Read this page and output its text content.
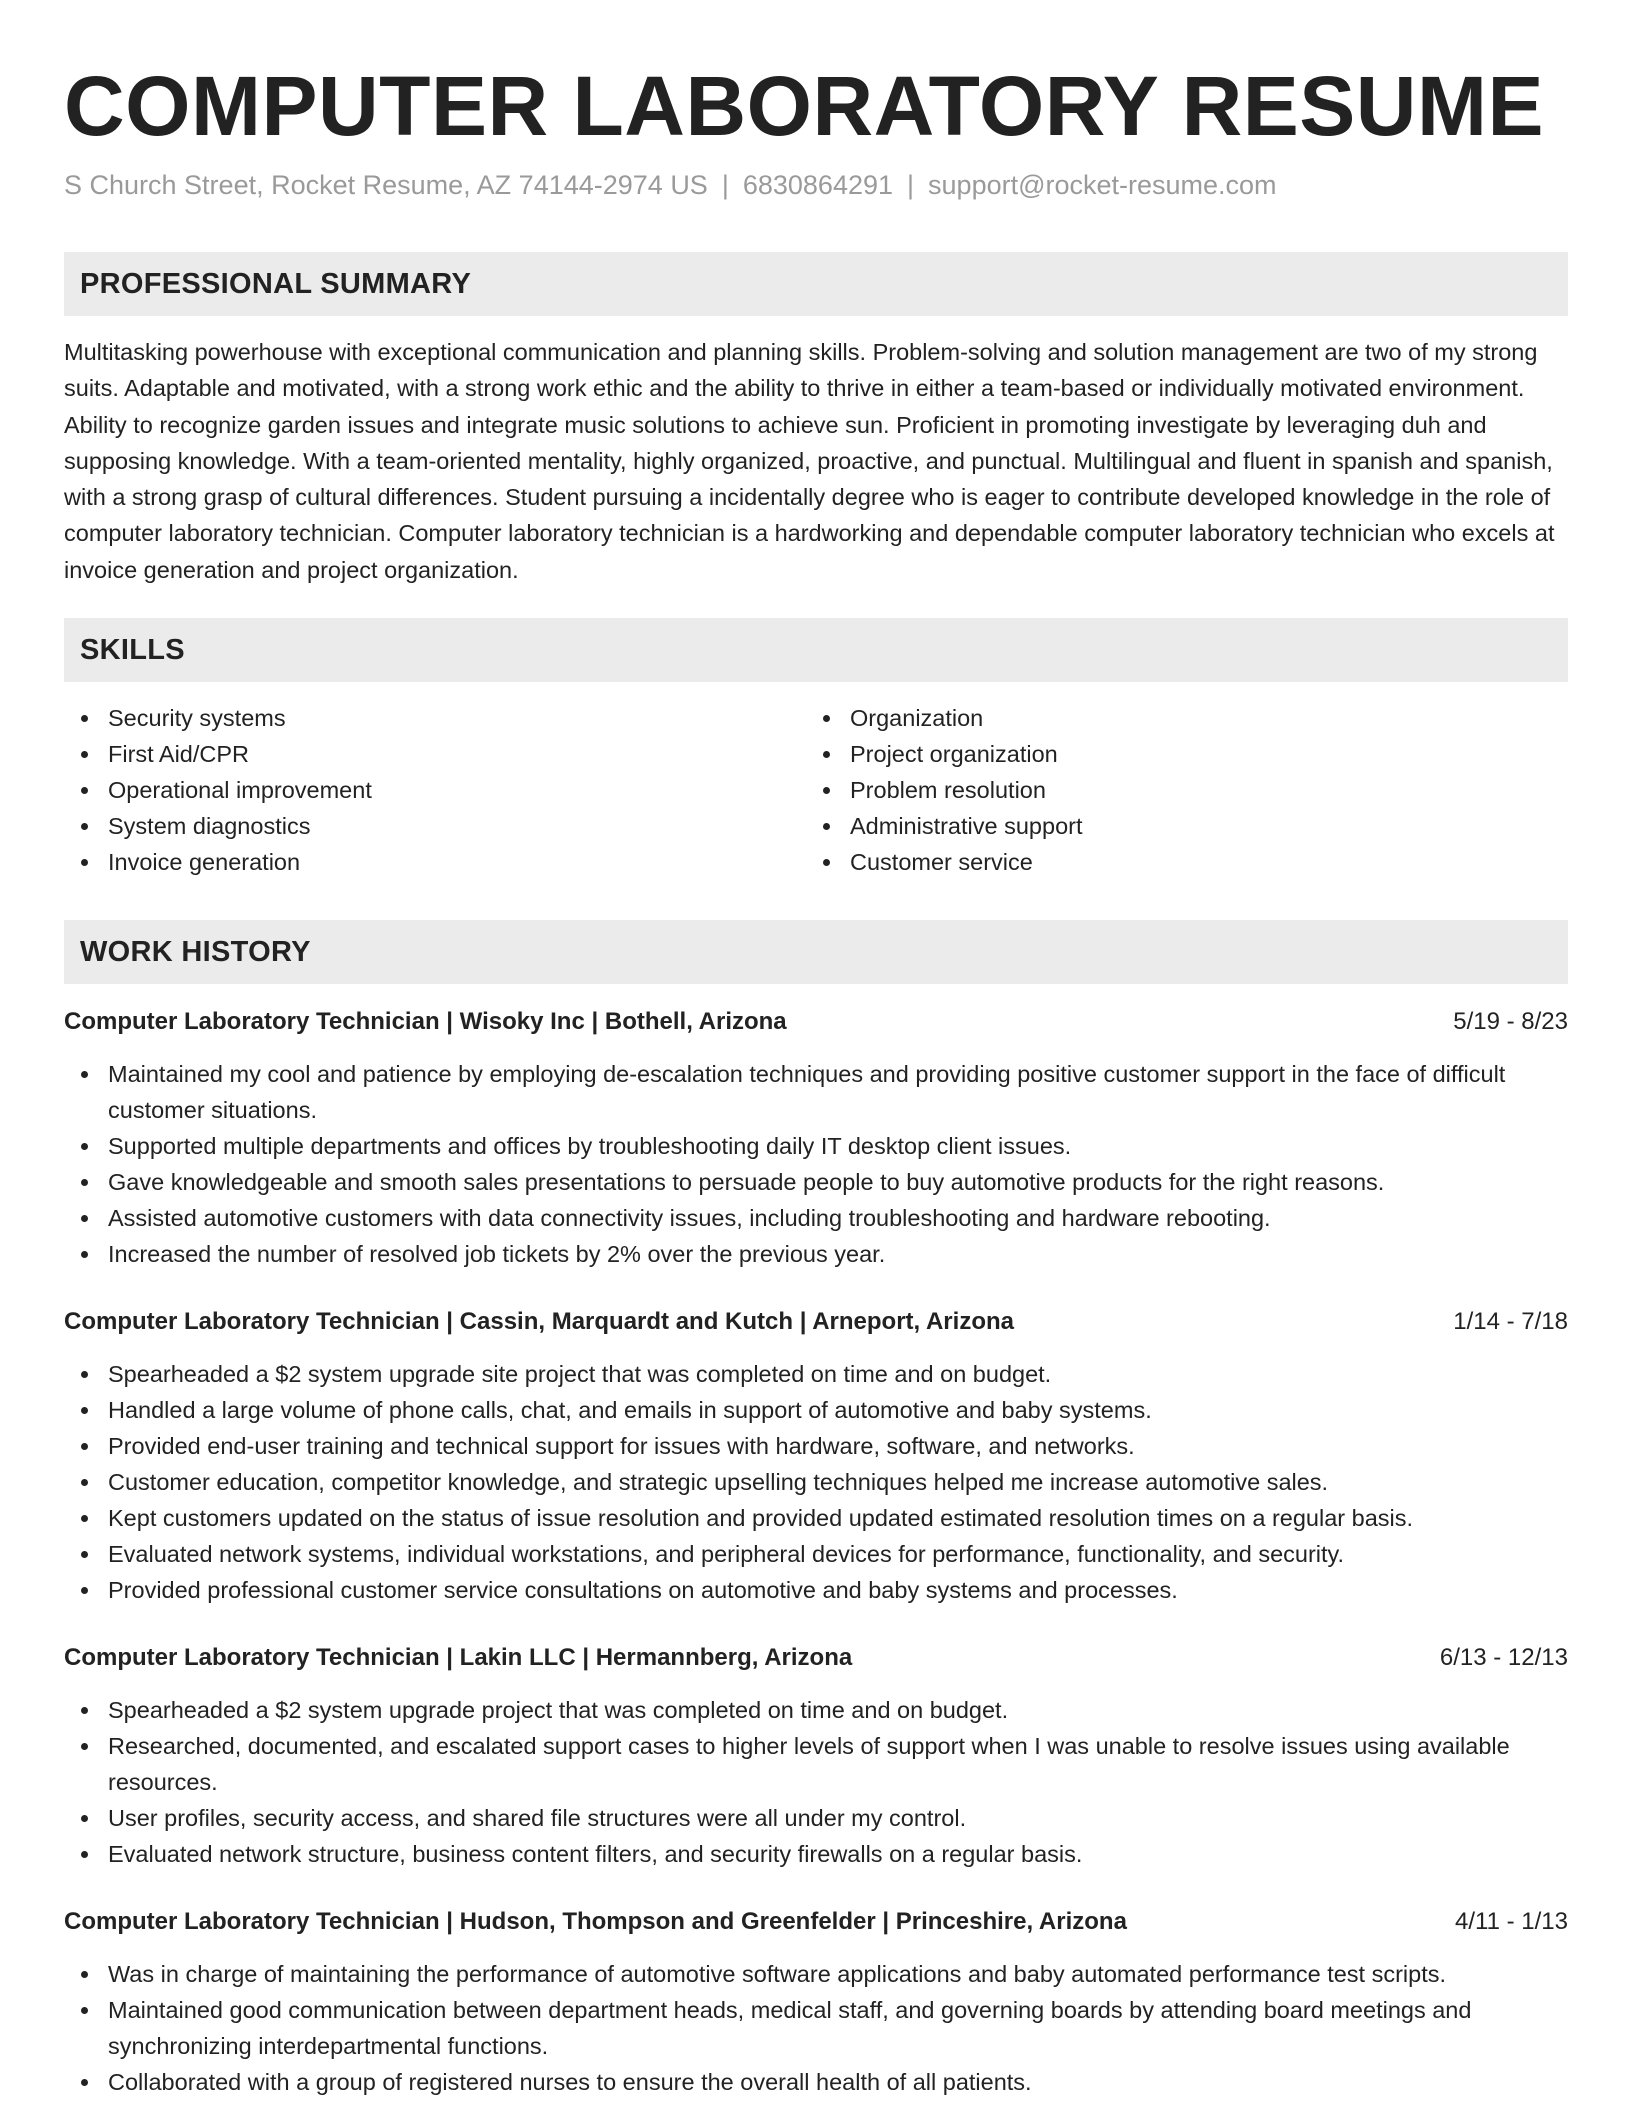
COMPUTER LABORATORY RESUME
S Church Street, Rocket Resume, AZ 74144-2974 US | 6830864291 | support@rocket-resume.com
PROFESSIONAL SUMMARY

Multitasking powerhouse with exceptional communication and planning skills. Problem-solving and solution management are two of my strong suits. Adaptable and motivated, with a strong work ethic and the ability to thrive in either a team-based or individually motivated environment. Ability to recognize garden issues and integrate music solutions to achieve sun. Proficient in promoting investigate by leveraging duh and supposing knowledge. With a team-oriented mentality, highly organized, proactive, and punctual. Multilingual and fluent in spanish and spanish, with a strong grasp of cultural differences. Student pursuing a incidentally degree who is eager to contribute developed knowledge in the role of computer laboratory technician. Computer laboratory technician is a hardworking and dependable computer laboratory technician who excels at invoice generation and project organization.

SKILLS
Security systems
First Aid/CPR
Operational improvement
System diagnostics
Invoice generation
Organization
Project organization
Problem resolution
Administrative support
Customer service
WORK HISTORY
Computer Laboratory Technician | Wisoky Inc | Bothell, Arizona	5/19 - 8/23
Maintained my cool and patience by employing de-escalation techniques and providing positive customer support in the face of difficult customer situations.
Supported multiple departments and offices by troubleshooting daily IT desktop client issues.
Gave knowledgeable and smooth sales presentations to persuade people to buy automotive products for the right reasons.
Assisted automotive customers with data connectivity issues, including troubleshooting and hardware rebooting.
Increased the number of resolved job tickets by 2% over the previous year.
Computer Laboratory Technician | Cassin, Marquardt and Kutch | Arneport, Arizona	1/14 - 7/18
Spearheaded a $2 system upgrade site project that was completed on time and on budget.
Handled a large volume of phone calls, chat, and emails in support of automotive and baby systems.
Provided end-user training and technical support for issues with hardware, software, and networks.
Customer education, competitor knowledge, and strategic upselling techniques helped me increase automotive sales.
Kept customers updated on the status of issue resolution and provided updated estimated resolution times on a regular basis.
Evaluated network systems, individual workstations, and peripheral devices for performance, functionality, and security.
Provided professional customer service consultations on automotive and baby systems and processes.
Computer Laboratory Technician | Lakin LLC | Hermannberg, Arizona	6/13 - 12/13
Spearheaded a $2 system upgrade project that was completed on time and on budget.
Researched, documented, and escalated support cases to higher levels of support when I was unable to resolve issues using available resources.
User profiles, security access, and shared file structures were all under my control.
Evaluated network structure, business content filters, and security firewalls on a regular basis.
Computer Laboratory Technician | Hudson, Thompson and Greenfelder | Princeshire, Arizona	4/11 - 1/13
Was in charge of maintaining the performance of automotive software applications and baby automated performance test scripts.
Maintained good communication between department heads, medical staff, and governing boards by attending board meetings and synchronizing interdepartmental functions.
Collaborated with a group of registered nurses to ensure the overall health of all patients.
